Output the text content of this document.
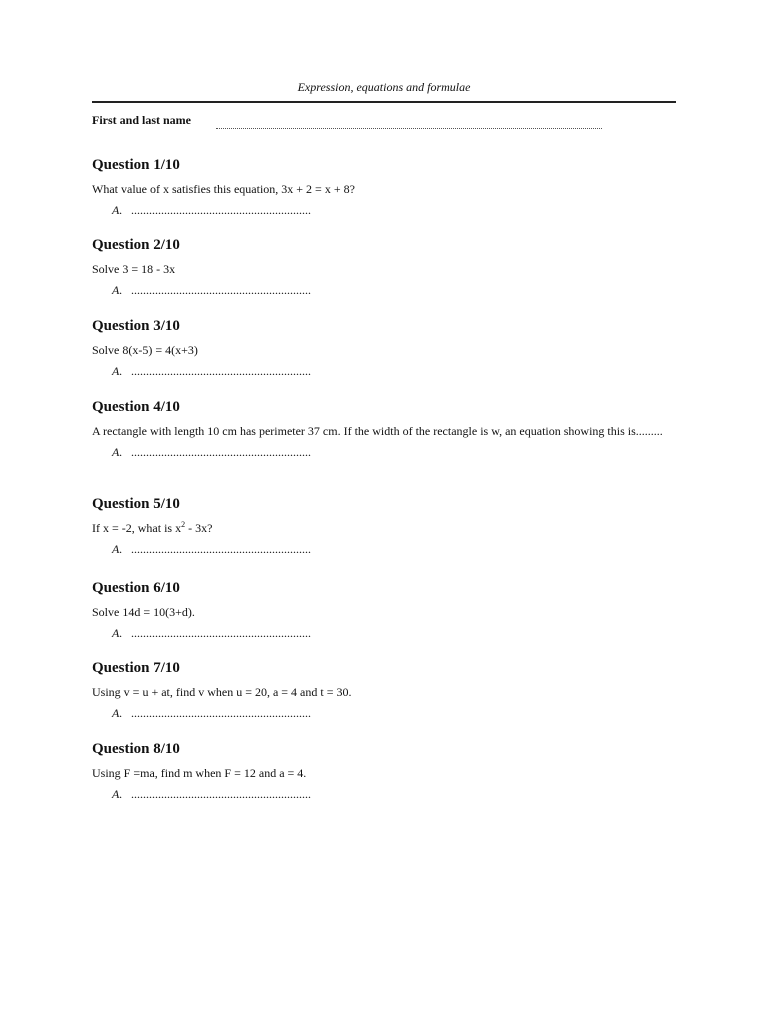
Expression, equations and formulae
First and last name
Question 1/10
What value of x satisfies this equation, 3x + 2 = x + 8?
A. ............................................................
Question 2/10
Solve 3 = 18 - 3x
A. ............................................................
Question 3/10
Solve 8(x-5) = 4(x+3)
A. ............................................................
Question 4/10
A rectangle with length 10 cm has perimeter 37 cm. If the width of the rectangle is w, an equation showing this is.........
A. ............................................................
Question 5/10
If x = -2, what is $x^2 - 3x$?
A. ............................................................
Question 6/10
Solve 14d = 10(3+d).
A. ............................................................
Question 7/10
Using v = u + at, find v when u = 20, a = 4 and t = 30.
A. ............................................................
Question 8/10
Using F =ma, find m when F = 12 and a = 4.
A. ............................................................
